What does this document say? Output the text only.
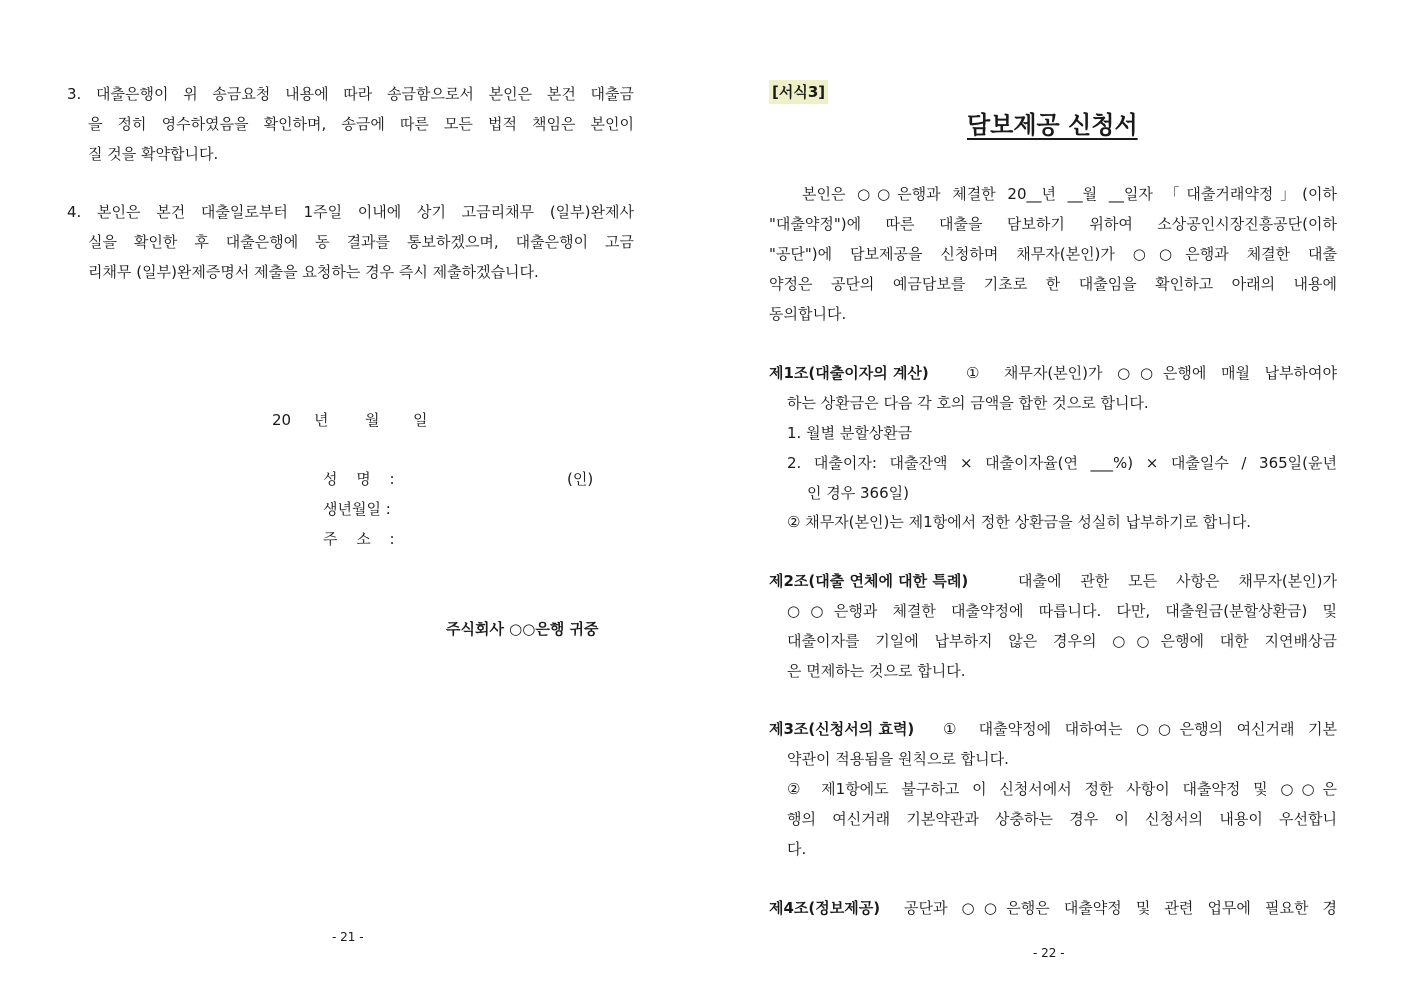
3. 대출은행이 위 송금요청 내용에 따라 송금함으로서 본인은 본건 대출금
을 정히 영수하였음을 확인하며, 송금에 따른 모든 법적 책임은 본인이
질 것을 확약합니다.
4. 본인은 본건 대출일로부터 1주일 이내에 상기 고금리채무 (일부)완제사
실을 확인한 후 대출은행에 동 결과를 통보하겠으며, 대출은행이 고금
리채무 (일부)완제증명서 제출을 요청하는 경우 즉시 제출하겠습니다.
20 년 월 일
성 명 :	(인)
생년월일 :
주 소 :
주식회사 ○○은행 귀중
- 21 -
[서식3]
담보제공 신청서
본인은 ○○은행과 체결한 20__년 __월 __일자 「대출거래약정」(이하
"대출약정")에 따른 대출을 담보하기 위하여 소상공인시장진흥공단(이하
"공단")에 담보제공을 신청하며 채무자(본인)가 ○○은행과 체결한 대출
약정은 공단의 예금담보를 기초로 한 대출임을 확인하고 아래의 내용에
동의합니다.
제1조(대출이자의 계산) ① 채무자(본인)가 ○○은행에 매월 납부하여야
하는 상환금은 다음 각 호의 금액을 합한 것으로 합니다.
1. 월별 분할상환금
2. 대출이자: 대출잔액 × 대출이자율(연 ___%) × 대출일수 / 365일(윤년
인 경우 366일)
② 채무자(본인)는 제1항에서 정한 상환금을 성실히 납부하기로 합니다.
제2조(대출 연체에 대한 특례)	대출에 관한 모든 사항은 채무자(본인)가
○○은행과 체결한 대출약정에 따릅니다. 다만, 대출원금(분할상환금) 및
대출이자를 기일에 납부하지 않은 경우의 ○○은행에 대한 지연배상금
은 면제하는 것으로 합니다.
제3조(신청서의 효력) ① 대출약정에 대하여는 ○○은행의 여신거래 기본
약관이 적용됨을 원칙으로 합니다.
② 제1항에도 불구하고 이 신청서에서 정한 사항이 대출약정 및 ○○은
행의 여신거래 기본약관과 상충하는 경우 이 신청서의 내용이 우선합니
다.
제4조(정보제공) 공단과 ○○은행은 대출약정 및 관련 업무에 필요한 경
- 22 -
